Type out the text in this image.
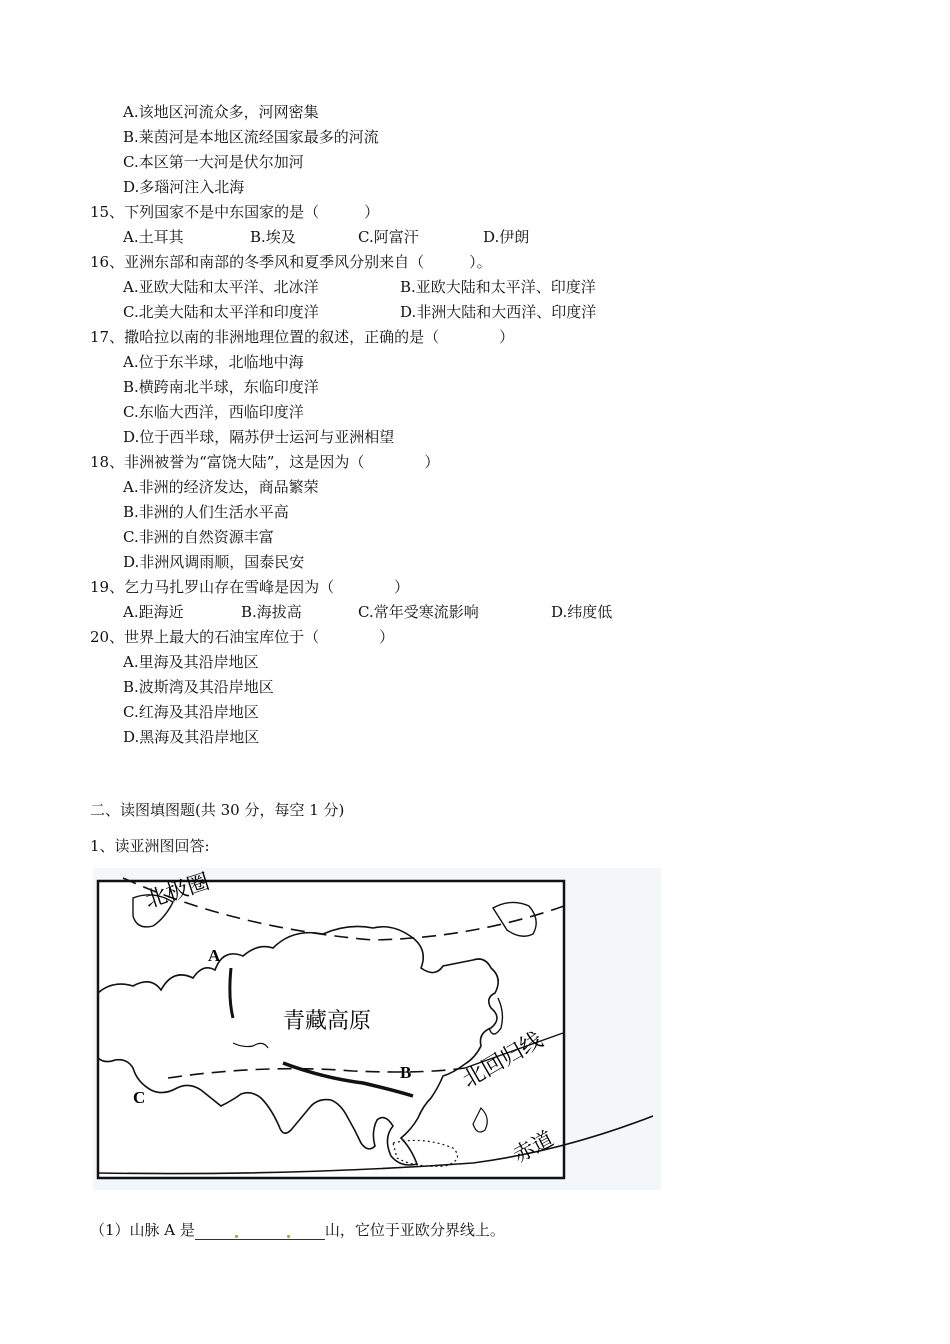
A.该地区河流众多，河网密集
B.莱茵河是本地区流经国家最多的河流
C.本区第一大河是伏尔加河
D.多瑙河注入北海
15、下列国家不是中东国家的是（　　　）
A.土耳其	B.埃及	C.阿富汗	D.伊朗
16、亚洲东部和南部的冬季风和夏季风分别来自（　　　）。
A.亚欧大陆和太平洋、北冰洋	B.亚欧大陆和太平洋、印度洋
C.北美大陆和太平洋和印度洋	D.非洲大陆和大西洋、印度洋
17、撒哈拉以南的非洲地理位置的叙述，正确的是（　　　　）
A.位于东半球，北临地中海
B.横跨南北半球，东临印度洋
C.东临大西洋，西临印度洋
D.位于西半球，隔苏伊士运河与亚洲相望
18、非洲被誉为“富饶大陆”，这是因为（　　　　）
A.非洲的经济发达，商品繁荣
B.非洲的人们生活水平高
C.非洲的自然资源丰富
D.非洲风调雨顺，国泰民安
19、乞力马扎罗山存在雪峰是因为（　　　　）
A.距海近	B.海拔高	C.常年受寒流影响	D.纬度低
20、世界上最大的石油宝库位于（　　　　）
A.里海及其沿岸地区
B.波斯湾及其沿岸地区
C.红海及其沿岸地区
D.黑海及其沿岸地区
二、读图填图题(共 30 分，每空 1 分)
1、读亚洲图回答:
北极圈
A
青藏高原
B
C
北回归线
赤道
（1）山脉 A 是	山，它位于亚欧分界线上。
